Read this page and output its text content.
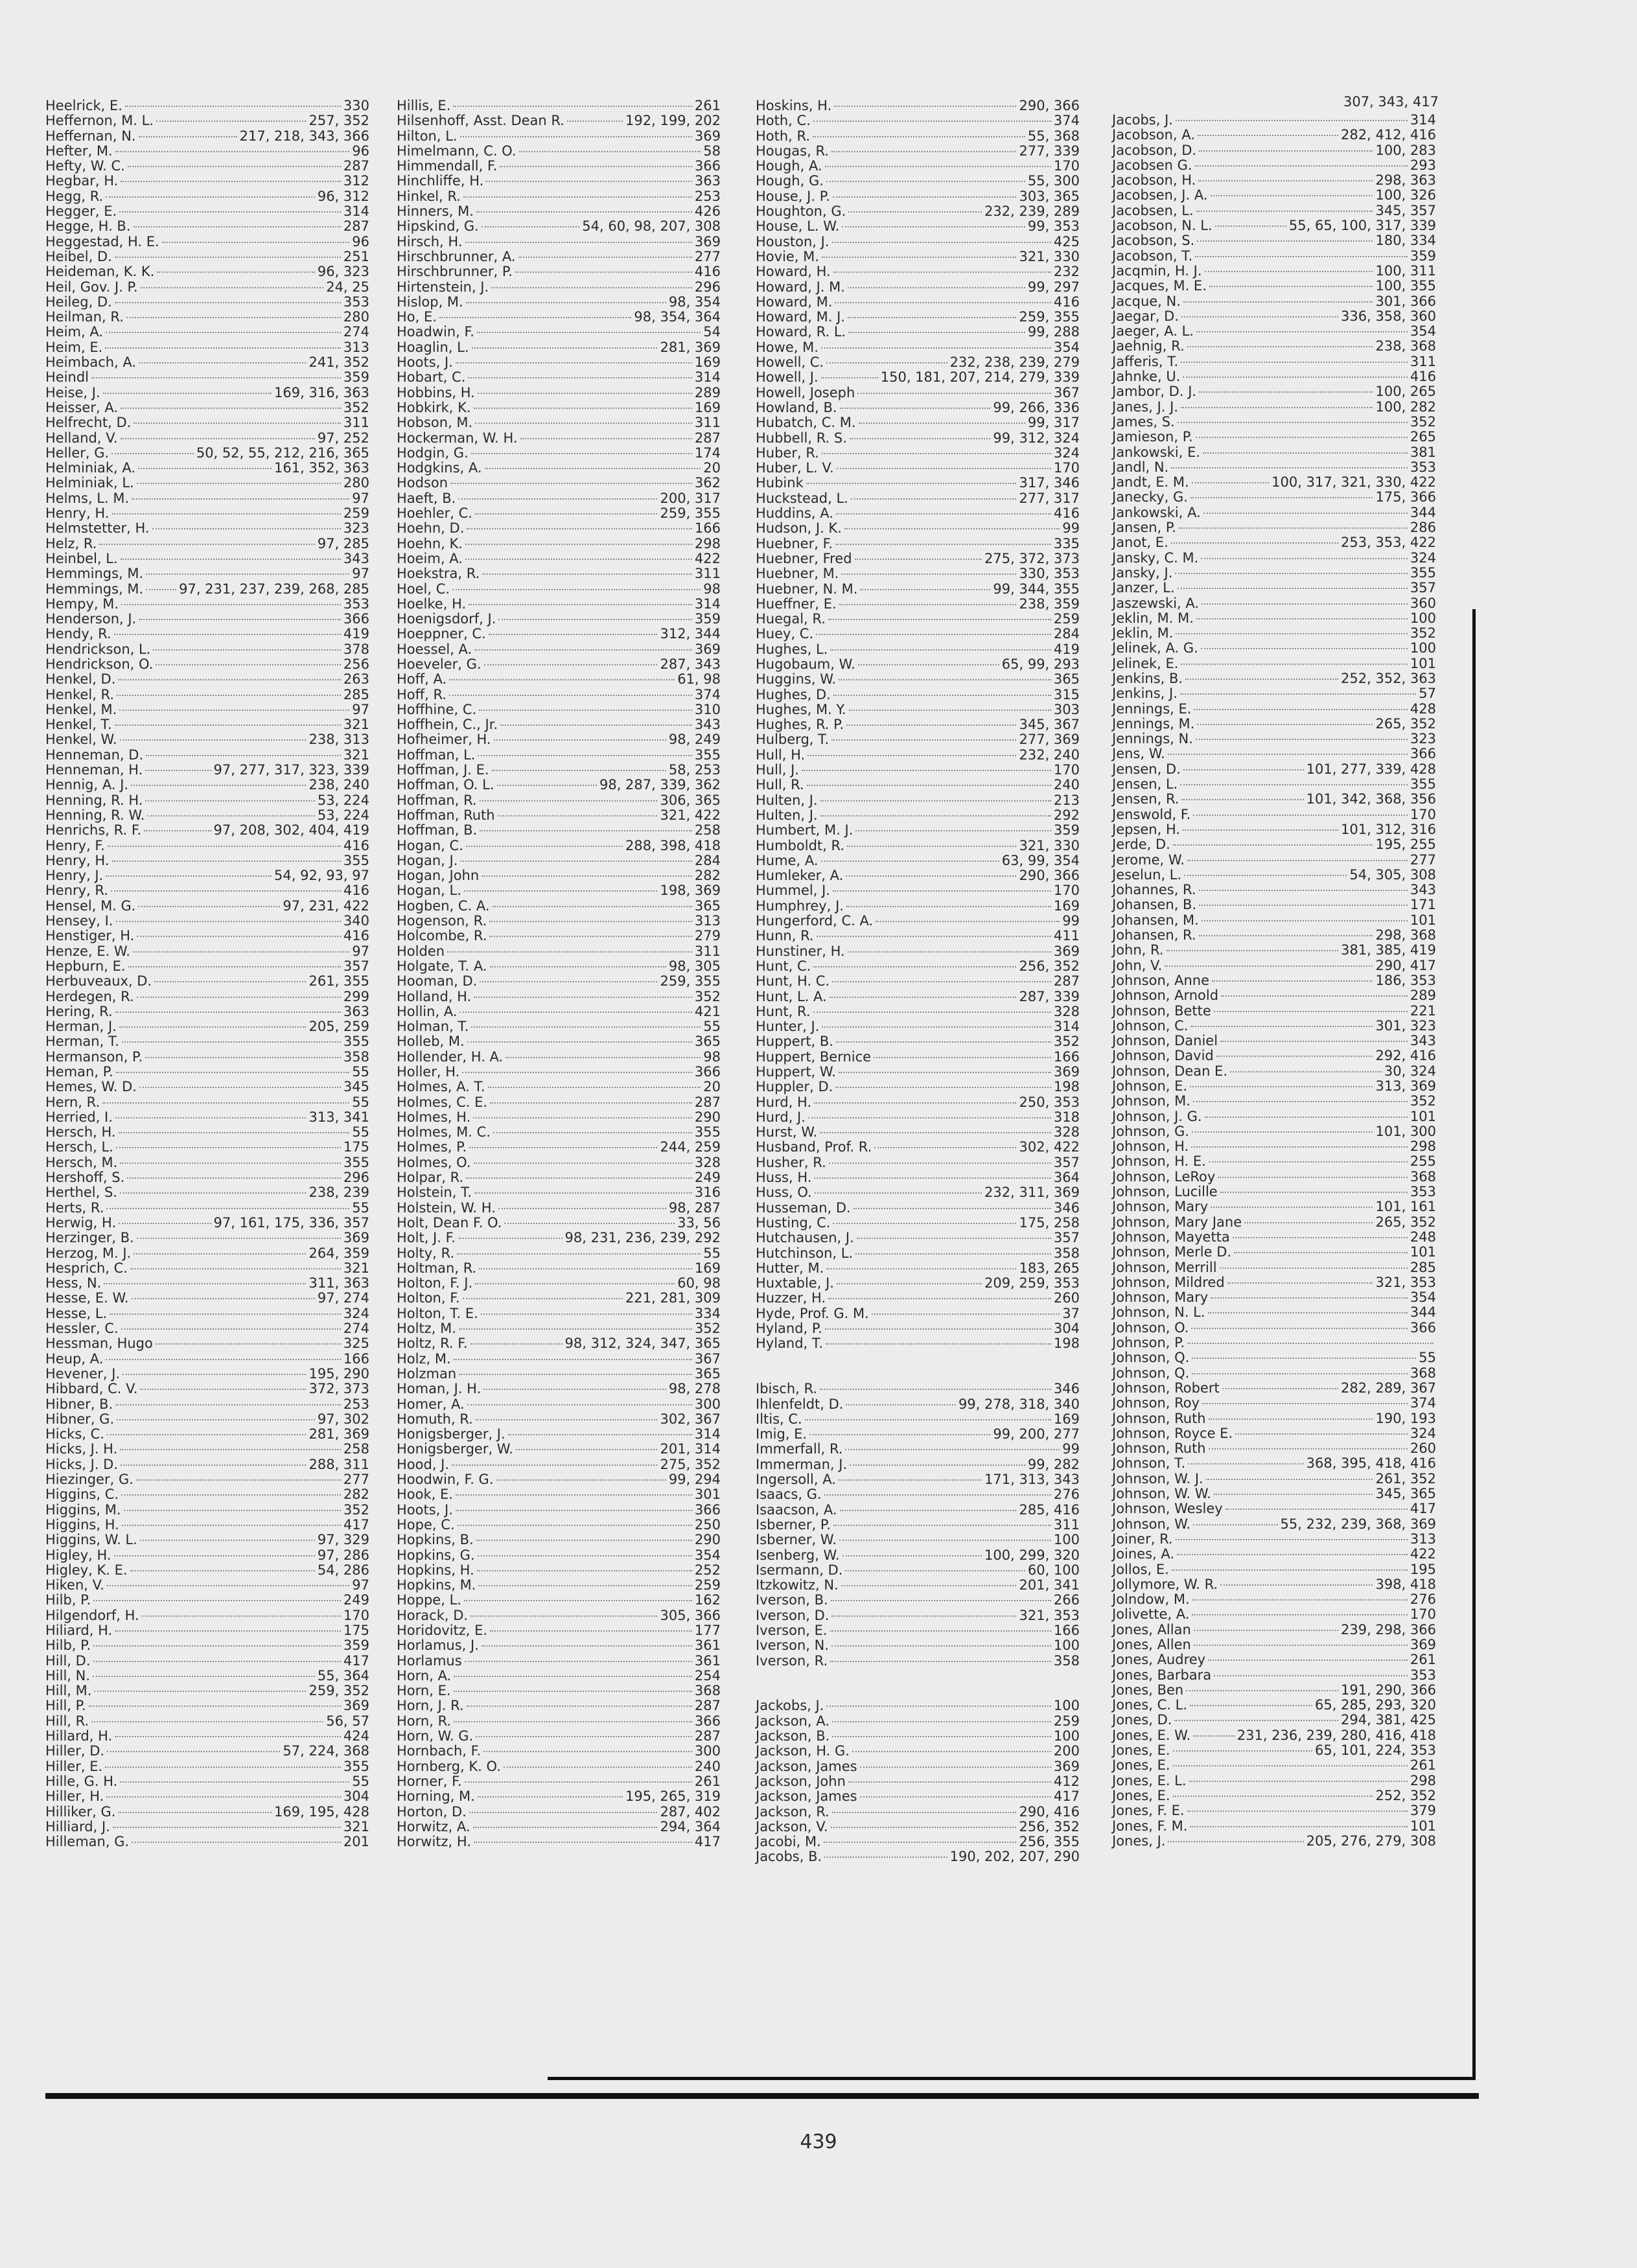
Heelrick, E.	330
Heffernon, M. L.	257, 352
Heffernan, N.	217, 218, 343, 366
Hefter, M.	96
Hefty, W. C.	287
Hegbar, H.	312
Hegg, R.	96, 312
Hegger, E.	314
Hegge, H. B.	287
Heggestad, H. E.	96
Heibel, D.	251
Heideman, K. K.	96, 323
Heil, Gov. J. P.	24, 25
Heileg, D.	353
Heilman, R.	280
Heim, A.	274
Heim, E.	313
Heimbach, A.	241, 352
Heindl	359
Heise, J.	169, 316, 363
Heisser, A.	352
Helfrecht, D.	311
Helland, V.	97, 252
Heller, G.	50, 52, 55, 212, 216, 365
Helminiak, A.	161, 352, 363
Helminiak, L.	280
Helms, L. M.	97
Henry, H.	259
Helmstetter, H.	323
Helz, R.	97, 285
Heinbel, L.	343
Hemmings, M.	97
Hemmings, M.	97, 231, 237, 239, 268, 285
Hempy, M.	353
Henderson, J.	366
Hendy, R.	419
Hendrickson, L.	378
Hendrickson, O.	256
Henkel, D.	263
Henkel, R.	285
Henkel, M.	97
Henkel, T.	321
Henkel, W.	238, 313
Henneman, D.	321
Henneman, H.	97, 277, 317, 323, 339
Hennig, A. J.	238, 240
Henning, R. H.	53, 224
Henning, R. W.	53, 224
Henrichs, R. F.	97, 208, 302, 404, 419
Henry, F.	416
Henry, H.	355
Henry, J.	54, 92, 93, 97
Henry, R.	416
Hensel, M. G.	97, 231, 422
Hensey, I.	340
Henstiger, H.	416
Henze, E. W.	97
Hepburn, E.	357
Herbuveaux, D.	261, 355
Herdegen, R.	299
Hering, R.	363
Herman, J.	205, 259
Herman, T.	355
Hermanson, P.	358
Heman, P.	55
Hemes, W. D.	345
Hern, R.	55
Herried, I.	313, 341
Hersch, H.	55
Hersch, L.	175
Hersch, M.	355
Hershoff, S.	296
Herthel, S.	238, 239
Herts, R.	55
Herwig, H.	97, 161, 175, 336, 357
Herzinger, B.	369
Herzog, M. J.	264, 359
Hesprich, C.	321
Hess, N.	311, 363
Hesse, E. W.	97, 274
Hesse, L.	324
Hessler, C.	274
Hessman, Hugo	325
Heup, A.	166
Hevener, J.	195, 290
Hibbard, C. V.	372, 373
Hibner, B.	253
Hibner, G.	97, 302
Hicks, C.	281, 369
Hicks, J. H.	258
Hicks, J. D.	288, 311
Hiezinger, G.	277
Higgins, C.	282
Higgins, M.	352
Higgins, H.	417
Higgins, W. L.	97, 329
Higley, H.	97, 286
Higley, K. E.	54, 286
Hiken, V.	97
Hilb, P.	249
Hilgendorf, H.	170
Hiliard, H.	175
Hilb, P.	359
Hill, D.	417
Hill, N.	55, 364
Hill, M.	259, 352
Hill, P.	369
Hill, R.	56, 57
Hillard, H.	424
Hiller, D.	57, 224, 368
Hiller, E.	355
Hille, G. H.	55
Hiller, H.	304
Hilliker, G.	169, 195, 428
Hilliard, J.	321
Hilleman, G.	201
Hillis, E.	261
Hilsenhoff, Asst. Dean R.	192, 199, 202
Hilton, L.	369
Himelmann, C. O.	58
Himmendall, F.	366
Hinchliffe, H.	363
Hinkel, R.	253
Hinners, M.	426
Hipskind, G.	54, 60, 98, 207, 308
Hirsch, H.	369
Hirschbrunner, A.	277
Hirschbrunner, P.	416
Hirtenstein, J.	296
Hislop, M.	98, 354
Ho, E.	98, 354, 364
Hoadwin, F.	54
Hoaglin, L.	281, 369
Hoots, J.	169
Hobart, C.	314
Hobbins, H.	289
Hobkirk, K.	169
Hobson, M.	311
Hockerman, W. H.	287
Hodgin, G.	174
Hodgkins, A.	20
Hodson	362
Haeft, B.	200, 317
Hoehler, C.	259, 355
Hoehn, D.	166
Hoehn, K.	298
Hoeim, A.	422
Hoekstra, R.	311
Hoel, C.	98
Hoelke, H.	314
Hoenigsdorf, J.	359
Hoeppner, C.	312, 344
Hoessel, A.	369
Hoeveler, G.	287, 343
Hoff, A.	61, 98
Hoff, R.	374
Hoffhine, C.	310
Hoffhein, C., Jr.	343
Hofheimer, H.	98, 249
Hoffman, L.	355
Hoffman, J. E.	58, 253
Hoffman, O. L.	98, 287, 339, 362
Hoffman, R.	306, 365
Hoffman, Ruth	321, 422
Hoffman, B.	258
Hogan, C.	288, 398, 418
Hogan, J.	284
Hogan, John	282
Hogan, L.	198, 369
Hogben, C. A.	365
Hogenson, R.	313
Holcombe, R.	279
Holden	311
Holgate, T. A.	98, 305
Hooman, D.	259, 355
Holland, H.	352
Hollin, A.	421
Holman, T.	55
Holleb, M.	365
Hollender, H. A.	98
Holler, H.	366
Holmes, A. T.	20
Holmes, C. E.	287
Holmes, H.	290
Holmes, M. C.	355
Holmes, P.	244, 259
Holmes, O.	328
Holpar, R.	249
Holstein, T.	316
Holstein, W. H.	98, 287
Holt, Dean F. O.	33, 56
Holt, J. F.	98, 231, 236, 239, 292
Holty, R.	55
Holtman, R.	169
Holton, F. J.	60, 98
Holton, F.	221, 281, 309
Holton, T. E.	334
Holtz, M.	352
Holtz, R. F.	98, 312, 324, 347, 365
Holz, M.	367
Holzman	365
Homan, J. H.	98, 278
Homer, A.	300
Homuth, R.	302, 367
Honigsberger, J.	314
Honigsberger, W.	201, 314
Hood, J.	275, 352
Hoodwin, F. G.	99, 294
Hook, E.	301
Hoots, J.	366
Hope, C.	250
Hopkins, B.	290
Hopkins, G.	354
Hopkins, H.	252
Hopkins, M.	259
Hoppe, L.	162
Horack, D.	305, 366
Horidovitz, E.	177
Horlamus, J.	361
Horlamus	361
Horn, A.	254
Horn, E.	368
Horn, J. R.	287
Horn, R.	366
Horn, W. G.	287
Hornbach, F.	300
Hornberg, K. O.	240
Horner, F.	261
Horning, M.	195, 265, 319
Horton, D.	287, 402
Horwitz, A.	294, 364
Horwitz, H.	417
Hoskins, H.	290, 366
Hoth, C.	374
Hoth, R.	55, 368
Hougas, R.	277, 339
Hough, A.	170
Hough, G.	55, 300
House, J. P.	303, 365
Houghton, G.	232, 239, 289
House, L. W.	99, 353
Houston, J.	425
Hovie, M.	321, 330
Howard, H.	232
Howard, J. M.	99, 297
Howard, M.	416
Howard, M. J.	259, 355
Howard, R. L.	99, 288
Howe, M.	354
Howell, C.	232, 238, 239, 279
Howell, J.	150, 181, 207, 214, 279, 339
Howell, Joseph	367
Howland, B.	99, 266, 336
Hubatch, C. M.	99, 317
Hubbell, R. S.	99, 312, 324
Huber, R.	324
Huber, L. V.	170
Hubink	317, 346
Huckstead, L.	277, 317
Huddins, A.	416
Hudson, J. K.	99
Huebner, F.	335
Huebner, Fred	275, 372, 373
Huebner, M.	330, 353
Huebner, N. M.	99, 344, 355
Hueffner, E.	238, 359
Huegal, R.	259
Huey, C.	284
Hughes, L.	419
Hugobaum, W.	65, 99, 293
Huggins, W.	365
Hughes, D.	315
Hughes, M. Y.	303
Hughes, R. P.	345, 367
Hulberg, T.	277, 369
Hull, H.	232, 240
Hull, J.	170
Hull, R.	240
Hulten, J.	213
Hulten, J.	292
Humbert, M. J.	359
Humboldt, R.	321, 330
Hume, A.	63, 99, 354
Humleker, A.	290, 366
Hummel, J.	170
Humphrey, J.	169
Hungerford, C. A.	99
Hunn, R.	411
Hunstiner, H.	369
Hunt, C.	256, 352
Hunt, H. C.	287
Hunt, L. A.	287, 339
Hunt, R.	328
Hunter, J.	314
Huppert, B.	352
Huppert, Bernice	166
Huppert, W.	369
Huppler, D.	198
Hurd, H.	250, 353
Hurd, J.	318
Hurst, W.	328
Husband, Prof. R.	302, 422
Husher, R.	357
Huss, H.	364
Huss, O.	232, 311, 369
Husseman, D.	346
Husting, C.	175, 258
Hutchausen, J.	357
Hutchinson, L.	358
Hutter, M.	183, 265
Huxtable, J.	209, 259, 353
Huzzer, H.	260
Hyde, Prof. G. M.	37
Hyland, P.	304
Hyland, T.	198
Ibisch, R.	346
Ihlenfeldt, D.	99, 278, 318, 340
Iltis, C.	169
Imig, E.	99, 200, 277
Immerfall, R.	99
Immerman, J.	99, 282
Ingersoll, A.	171, 313, 343
Isaacs, G.	276
Isaacson, A.	285, 416
Isberner, P.	311
Isberner, W.	100
Isenberg, W.	100, 299, 320
Isermann, D.	60, 100
Itzkowitz, N.	201, 341
Iverson, B.	266
Iverson, D.	321, 353
Iverson, E.	166
Iverson, N.	100
Iverson, R.	358
Jackobs, J.	100
Jackson, A.	259
Jackson, B.	100
Jackson, H. G.	200
Jackson, James	369
Jackson, John	412
Jackson, James	417
Jackson, R.	290, 416
Jackson, V.	256, 352
Jacobi, M.	256, 355
Jacobs, B.	190, 202, 207, 290
Jacobs, J.	314
Jacobson, A.	282, 412, 416
Jacobson, D.	100, 283
Jacobsen G.	293
Jacobson, H.	298, 363
Jacobsen, J. A.	100, 326
Jacobsen, L.	345, 357
Jacobson, N. L.	55, 65, 100, 317, 339
Jacobson, S.	180, 334
Jacobson, T.	359
Jacqmin, H. J.	100, 311
Jacques, M. E.	100, 355
Jacque, N.	301, 366
Jaegar, D.	336, 358, 360
Jaeger, A. L.	354
Jaehnig, R.	238, 368
Jafferis, T.	311
Jahnke, U.	416
Jambor, D. J.	100, 265
Janes, J. J.	100, 282
James, S.	352
Jamieson, P.	265
Jankowski, E.	381
Jandl, N.	353
Jandt, E. M.	100, 317, 321, 330, 422
Janecky, G.	175, 366
Jankowski, A.	344
Jansen, P.	286
Janot, E.	253, 353, 422
Jansky, C. M.	324
Jansky, J.	355
Janzer, L.	357
Jaszewski, A.	360
Jeklin, M. M.	100
Jeklin, M.	352
Jelinek, A. G.	100
Jelinek, E.	101
Jenkins, B.	252, 352, 363
Jenkins, J.	57
Jennings, E.	428
Jennings, M.	265, 352
Jennings, N.	323
Jens, W.	366
Jensen, D.	101, 277, 339, 428
Jensen, L.	355
Jensen, R.	101, 342, 368, 356
Jenswold, F.	170
Jepsen, H.	101, 312, 316
Jerde, D.	195, 255
Jerome, W.	277
Jeselun, L.	54, 305, 308
Johannes, R.	343
Johansen, B.	171
Johansen, M.	101
Johansen, R.	298, 368
John, R.	381, 385, 419
John, V.	290, 417
Johnson, Anne	186, 353
Johnson, Arnold	289
Johnson, Bette	221
Johnson, C.	301, 323
Johnson, Daniel	343
Johnson, David	292, 416
Johnson, Dean E.	30, 324
Johnson, E.	313, 369
Johnson, M.	352
Johnson, J. G.	101
Johnson, G.	101, 300
Johnson, H.	298
Johnson, H. E.	255
Johnson, LeRoy	368
Johnson, Lucille	353
Johnson, Mary	101, 161
Johnson, Mary Jane	265, 352
Johnson, Mayetta	248
Johnson, Merle D.	101
Johnson, Merrill	285
Johnson, Mildred	321, 353
Johnson, Mary	354
Johnson, N. L.	344
Johnson, O.	366
Johnson, P.
Johnson, Q.	55
Johnson, Q.	368
Johnson, Robert	282, 289, 367
Johnson, Roy	374
Johnson, Ruth	190, 193
Johnson, Royce E.	324
Johnson, Ruth	260
Johnson, T.	368, 395, 418, 416
Johnson, W. J.	261, 352
Johnson, W. W.	345, 365
Johnson, Wesley	417
Johnson, W.	55, 232, 239, 368, 369
Joiner, R.	313
Joines, A.	422
Jollos, E.	195
Jollymore, W. R.	398, 418
Jolndow, M.	276
Jolivette, A.	170
Jones, Allan	239, 298, 366
Jones, Allen	369
Jones, Audrey	261
Jones, Barbara	353
Jones, Ben	191, 290, 366
Jones, C. L.	65, 285, 293, 320
Jones, D.	294, 381, 425
Jones, E. W.	231, 236, 239, 280, 416, 418
Jones, E.	65, 101, 224, 353
Jones, E.	261
Jones, E. L.	298
Jones, E.	252, 352
Jones, F. E.	379
Jones, F. M.	101
Jones, J.	205, 276, 279, 308
307, 343, 417
439
